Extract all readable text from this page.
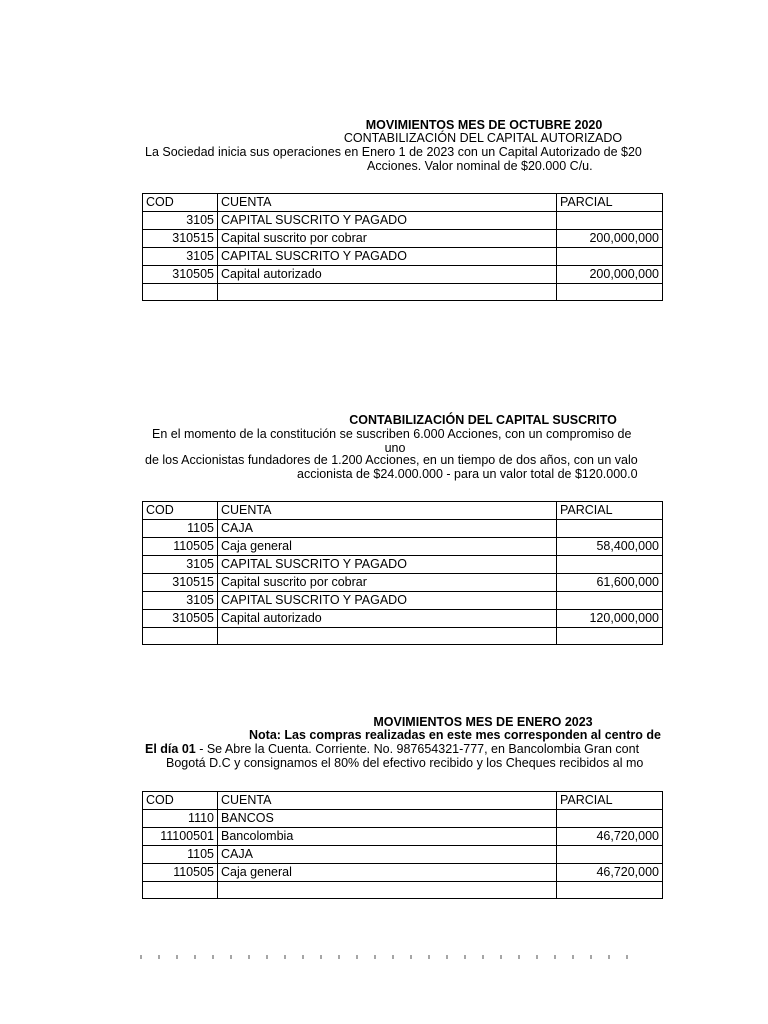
MOVIMIENTOS MES DE OCTUBRE 2020
CONTABILIZACIÓN DEL CAPITAL AUTORIZADO
La Sociedad inicia sus operaciones en Enero 1 de 2023 con un Capital Autorizado de $20
Acciones. Valor nominal de $20.000 C/u.
COD	CUENTA	PARCIAL
3105	CAPITAL SUSCRITO Y PAGADO	
310515	Capital suscrito por cobrar	200,000,000
3105	CAPITAL SUSCRITO Y PAGADO	
310505	Capital autorizado	200,000,000

CONTABILIZACIÓN DEL CAPITAL SUSCRITO
En el momento de la constitución se suscriben 6.000 Acciones, con un compromiso de
uno
de los Accionistas fundadores de 1.200 Acciones, en un tiempo de dos años, con un valo
accionista de $24.000.000 - para un valor total de $120.000.0
COD	CUENTA	PARCIAL
1105	CAJA	
110505	Caja general	58,400,000
3105	CAPITAL SUSCRITO Y PAGADO	
310515	Capital suscrito por cobrar	61,600,000
3105	CAPITAL SUSCRITO Y PAGADO	
310505	Capital autorizado	120,000,000

MOVIMIENTOS MES DE ENERO 2023
Nota: Las compras realizadas en este mes corresponden al centro de
El día 01 - Se Abre la Cuenta. Corriente. No. 987654321-777, en Bancolombia Gran cont
Bogotá D.C y consignamos el 80% del efectivo recibido y los Cheques recibidos al mo
COD	CUENTA	PARCIAL
1110	BANCOS	
11100501	Bancolombia	46,720,000
1105	CAJA	
110505	Caja general	46,720,000
